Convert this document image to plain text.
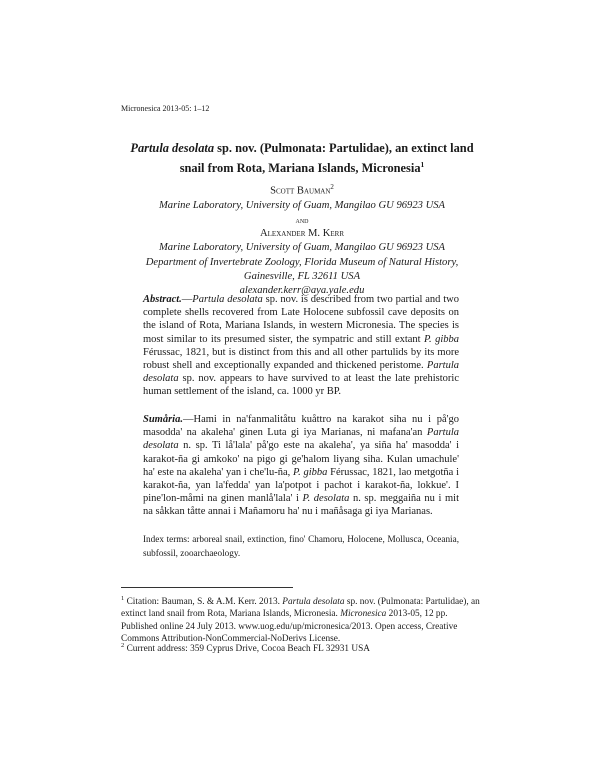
Micronesica 2013-05: 1–12
Partula desolata sp. nov. (Pulmonata: Partulidae), an extinct land snail from Rota, Mariana Islands, Micronesia$^1$
Scott Bauman$^2$
Marine Laboratory, University of Guam, Mangilao GU 96923 USA
and
Alexander M. Kerr
Marine Laboratory, University of Guam, Mangilao GU 96923 USA
Department of Invertebrate Zoology, Florida Museum of Natural History,
Gainesville, FL 32611 USA
alexander.kerr@aya.yale.edu
Abstract.—Partula desolata sp. nov. is described from two partial and two complete shells recovered from Late Holocene subfossil cave deposits on the island of Rota, Mariana Islands, in western Micronesia. The species is most similar to its presumed sister, the sympatric and still extant P. gibba Férussac, 1821, but is distinct from this and all other partulids by its more robust shell and exceptionally expanded and thickened peristome. Partula desolata sp. nov. appears to have survived to at least the late prehistoric human settlement of the island, ca. 1000 yr BP.
Sumåria.—Hami in na'fanmalitåtu kuåttro na karakot siha nu i på'go masodda' na akaleha' ginen Luta gi iya Marianas, ni mafana'an Partula desolata n. sp. Ti lå'lala' på'go este na akaleha', ya siña ha' masodda' i karakot-ña gi amkoko' na pigo gi ge'halom liyang siha. Kulan umachule' ha' este na akaleha' yan i che'lu-ña, P. gibba Férussac, 1821, lao metgotña i karakot-ña, yan la'fedda' yan la'potpot i pachot i karakot-ña, lokkue'. I pine'lon-måmi na ginen manlå'lala' i P. desolata n. sp. meggaiña nu i mit na såkkan tåtte annai i Mañamoru ha' nu i mañåsaga gi iya Marianas.
Index terms: arboreal snail, extinction, fino' Chamoru, Holocene, Mollusca, Oceania, subfossil, zooarchaeology.
$^1$ Citation: Bauman, S. & A.M. Kerr. 2013. Partula desolata sp. nov. (Pulmonata: Partulidae), an extinct land snail from Rota, Mariana Islands, Micronesia. Micronesica 2013-05, 12 pp. Published online 24 July 2013. www.uog.edu/up/micronesica/2013. Open access, Creative Commons Attribution-NonCommercial-NoDerivs License.
$^2$ Current address: 359 Cyprus Drive, Cocoa Beach FL 32931 USA
